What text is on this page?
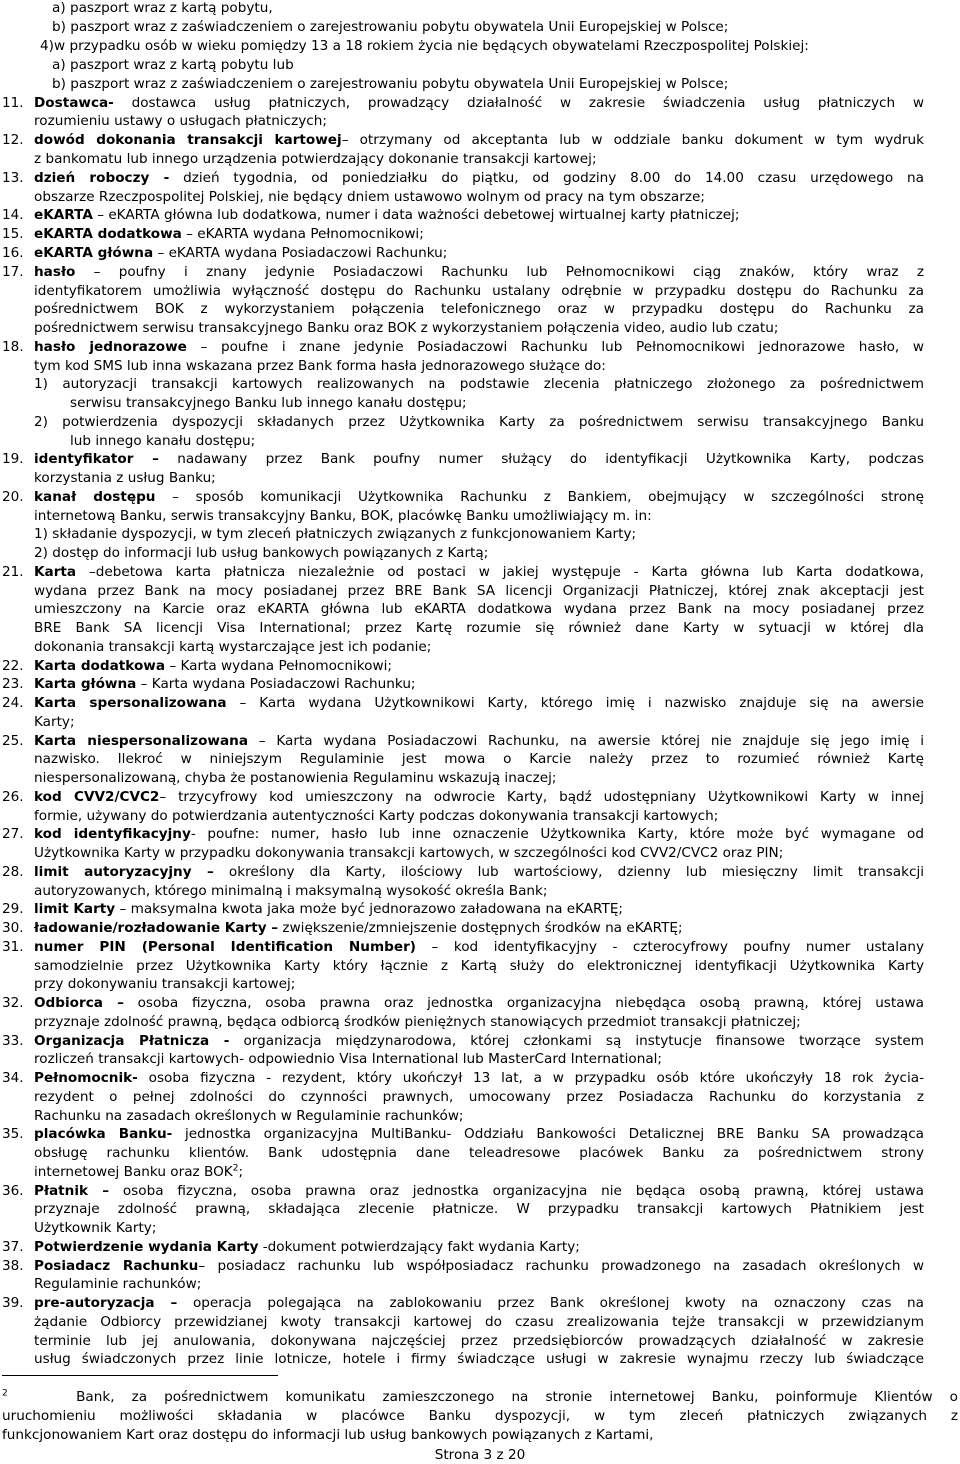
a) paszport wraz z kartą pobytu,
b) paszport wraz z zaświadczeniem o zarejestrowaniu pobytu obywatela Unii Europejskiej w Polsce;
4) w przypadku osób w wieku pomiędzy 13 a 18 rokiem życia nie będących obywatelami Rzeczpospolitej Polskiej:
a) paszport wraz z kartą pobytu lub
b) paszport wraz z zaświadczeniem o zarejestrowaniu pobytu obywatela Unii Europejskiej w Polsce;
11. Dostawca- dostawca usług płatniczych, prowadzący działalność w zakresie świadczenia usług płatniczych w
rozumieniu ustawy o usługach płatniczych;
12. dowód dokonania transakcji kartowej– otrzymany od akceptanta lub w oddziale banku dokument w tym wydruk
z bankomatu lub innego urządzenia potwierdzający dokonanie transakcji kartowej;
13. dzień roboczy - dzień tygodnia, od poniedziałku do piątku, od godziny 8.00 do 14.00 czasu urzędowego na
obszarze Rzeczpospolitej Polskiej, nie będący dniem ustawowo wolnym od pracy na tym obszarze;
14. eKARTA – eKARTA główna lub dodatkowa, numer i data ważności debetowej wirtualnej karty płatniczej;
15. eKARTA dodatkowa – eKARTA wydana Pełnomocnikowi;
16. eKARTA główna – eKARTA wydana Posiadaczowi Rachunku;
17. hasło – poufny i znany jedynie Posiadaczowi Rachunku lub Pełnomocnikowi ciąg znaków, który wraz z
identyfikatorem umożliwia wyłączność dostępu do Rachunku ustalany odrębnie w przypadku dostępu do Rachunku za
pośrednictwem BOK z wykorzystaniem połączenia telefonicznego oraz w przypadku dostępu do Rachunku za
pośrednictwem serwisu transakcyjnego Banku oraz BOK z wykorzystaniem połączenia video, audio lub czatu;
18. hasło jednorazowe – poufne i znane jedynie Posiadaczowi Rachunku lub Pełnomocnikowi jednorazowe hasło, w
tym kod SMS lub inna wskazana przez Bank forma hasła jednorazowego służące do:
1) autoryzacji transakcji kartowych realizowanych na podstawie zlecenia płatniczego złożonego za pośrednictwem
serwisu transakcyjnego Banku lub innego kanału dostępu;
2) potwierdzenia dyspozycji składanych przez Użytkownika Karty za pośrednictwem serwisu transakcyjnego Banku
lub innego kanału dostępu;
19. identyfikator – nadawany przez Bank poufny numer służący do identyfikacji Użytkownika Karty, podczas
korzystania z usług Banku;
20. kanał dostępu – sposób komunikacji Użytkownika Rachunku z Bankiem, obejmujący w szczególności stronę
internetową Banku, serwis transakcyjny Banku, BOK, placówkę Banku umożliwiający m. in:
1) składanie dyspozycji, w tym zleceń płatniczych związanych z funkcjonowaniem Karty;
2) dostęp do informacji lub usług bankowych powiązanych z Kartą;
21. Karta –debetowa karta płatnicza niezależnie od postaci w jakiej występuje - Karta główna lub Karta dodatkowa,
wydana przez Bank na mocy posiadanej przez BRE Bank SA licencji Organizacji Płatniczej, której znak akceptacji jest
umieszczony na Karcie oraz eKARTA główna lub eKARTA dodatkowa wydana przez Bank na mocy posiadanej przez
BRE Bank SA licencji Visa International; przez Kartę rozumie się również dane Karty w sytuacji w której dla
dokonania transakcji kartą wystarczające jest ich podanie;
22. Karta dodatkowa – Karta wydana Pełnomocnikowi;
23. Karta główna – Karta wydana Posiadaczowi Rachunku;
24. Karta spersonalizowana – Karta wydana Użytkownikowi Karty, którego imię i nazwisko znajduje się na awersie
Karty;
25. Karta niespersonalizowana – Karta wydana Posiadaczowi Rachunku, na awersie której nie znajduje się jego imię i
nazwisko. Ilekroć w niniejszym Regulaminie jest mowa o Karcie należy przez to rozumieć również Kartę
niespersonalizowaną, chyba że postanowienia Regulaminu wskazują inaczej;
26. kod CVV2/CVC2– trzycyfrowy kod umieszczony na odwrocie Karty, bądź udostępniany Użytkownikowi Karty w innej
formie, używany do potwierdzania autentyczności Karty podczas dokonywania transakcji kartowych;
27. kod identyfikacyjny- poufne: numer, hasło lub inne oznaczenie Użytkownika Karty, które może być wymagane od
Użytkownika Karty w przypadku dokonywania transakcji kartowych, w szczególności kod CVV2/CVC2 oraz PIN;
28. limit autoryzacyjny – określony dla Karty, ilościowy lub wartościowy, dzienny lub miesięczny limit transakcji
autoryzowanych, którego minimalną i maksymalną wysokość określa Bank;
29. limit Karty – maksymalna kwota jaka może być jednorazowo załadowana na eKARTĘ;
30. ładowanie/rozładowanie Karty – zwiększenie/zmniejszenie dostępnych środków na eKARTĘ;
31. numer PIN (Personal Identification Number) – kod identyfikacyjny - czterocyfrowy poufny numer ustalany
samodzielnie przez Użytkownika Karty który łącznie z Kartą służy do elektronicznej identyfikacji Użytkownika Karty
przy dokonywaniu transakcji kartowej;
32. Odbiorca – osoba fizyczna, osoba prawna oraz jednostka organizacyjna niebędąca osobą prawną, której ustawa
przyznaje zdolność prawną, będąca odbiorcą środków pieniężnych stanowiących przedmiot transakcji płatniczej;
33. Organizacja Płatnicza - organizacja międzynarodowa, której członkami są instytucje finansowe tworzące system
rozliczeń transakcji kartowych- odpowiednio Visa International lub MasterCard International;
34. Pełnomocnik- osoba fizyczna - rezydent, który ukończył 13 lat, a w przypadku osób które ukończyły 18 rok życia-
rezydent o pełnej zdolności do czynności prawnych, umocowany przez Posiadacza Rachunku do korzystania z
Rachunku na zasadach określonych w Regulaminie rachunków;
35. placówka Banku- jednostka organizacyjna MultiBanku- Oddziału Bankowości Detalicznej BRE Banku SA prowadząca
obsługę rachunku klientów. Bank udostępnia dane teleadresowe placówek Banku za pośrednictwem strony
internetowej Banku oraz BOK$^2$;
36. Płatnik – osoba fizyczna, osoba prawna oraz jednostka organizacyjna nie będąca osobą prawną, której ustawa
przyznaje zdolność prawną, składająca zlecenie płatnicze. W przypadku transakcji kartowych Płatnikiem jest
Użytkownik Karty;
37. Potwierdzenie wydania Karty -dokument potwierdzający fakt wydania Karty;
38. Posiadacz Rachunku– posiadacz rachunku lub współposiadacz rachunku prowadzonego na zasadach określonych w
Regulaminie rachunków;
39. pre-autoryzacja – operacja polegająca na zablokowaniu przez Bank określonej kwoty na oznaczony czas na
żądanie Odbiorcy przewidzianej kwoty transakcji kartowej do czasu zrealizowania tejże transakcji w przewidzianym
terminie lub jej anulowania, dokonywana najczęściej przez przedsiębiorców prowadzących działalność w zakresie
usług świadczonych przez linie lotnicze, hotele i firmy świadczące usługi w zakresie wynajmu rzeczy lub świadczące
$^2$	Bank, za pośrednictwem komunikatu zamieszczonego na stronie internetowej Banku, poinformuje Klientów o
uruchomieniu możliwości składania w placówce Banku dyspozycji, w tym zleceń płatniczych związanych z
funkcjonowaniem Kart oraz dostępu do informacji lub usług bankowych powiązanych z Kartami,
Strona 3 z 20
